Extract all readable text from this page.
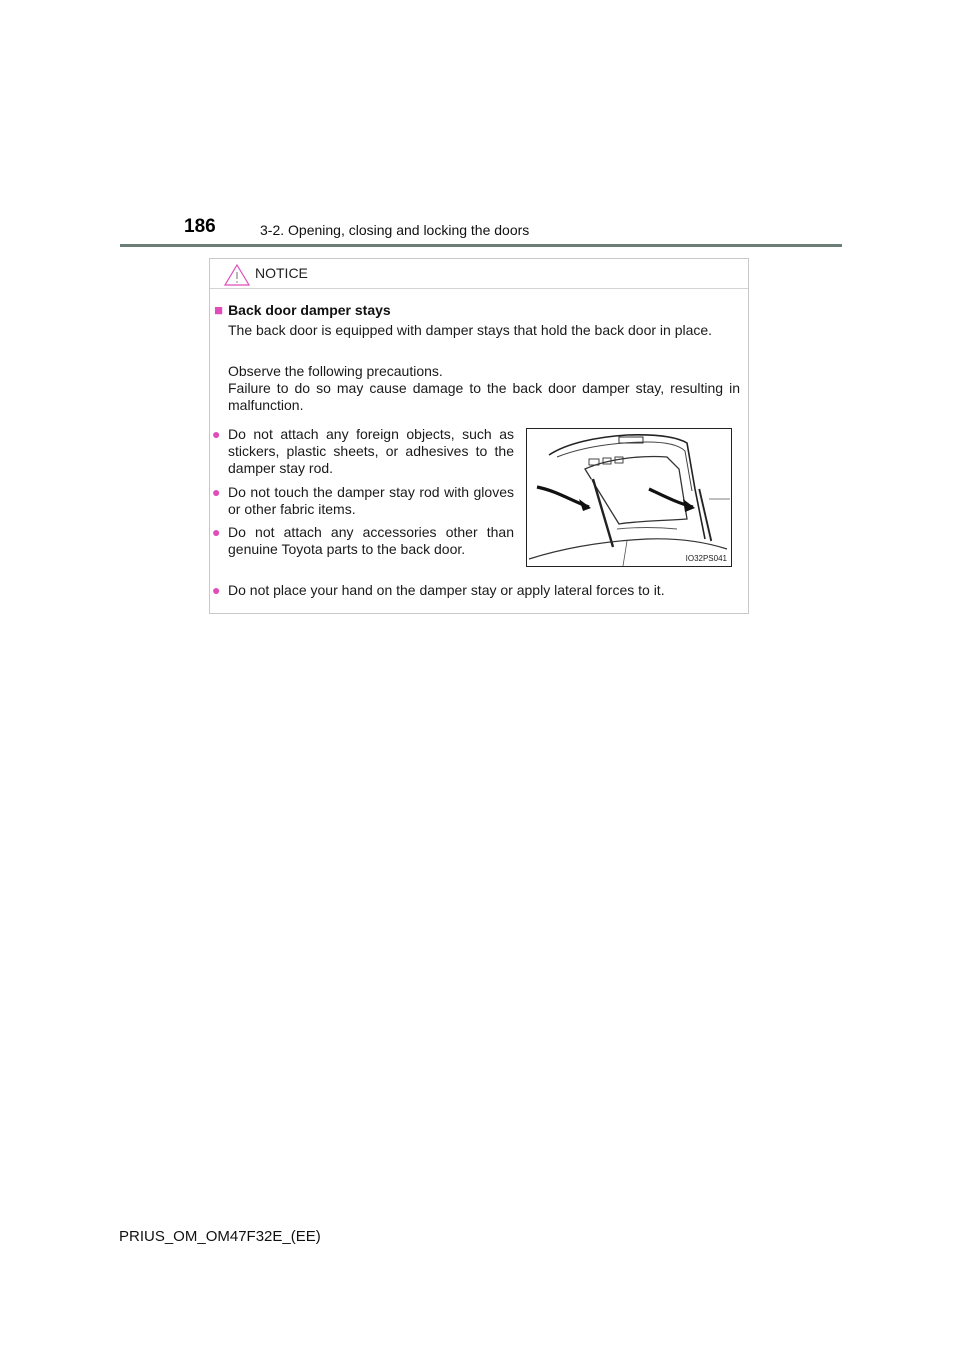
186	3-2. Opening, closing and locking the doors
NOTICE
■ Back door damper stays

The back door is equipped with damper stays that hold the back door in place.

Observe the following precautions.

Failure to do so may cause damage to the back door damper stay, resulting in malfunction.

● Do not attach any foreign objects, such as stickers, plastic sheets, or adhesives to the damper stay rod.
● Do not touch the damper stay rod with gloves or other fabric items.
● Do not attach any accessories other than genuine Toyota parts to the back door.
● Do not place your hand on the damper stay or apply lateral forces to it.
IO32PS041
PRIUS_OM_OM47F32E_(EE)
